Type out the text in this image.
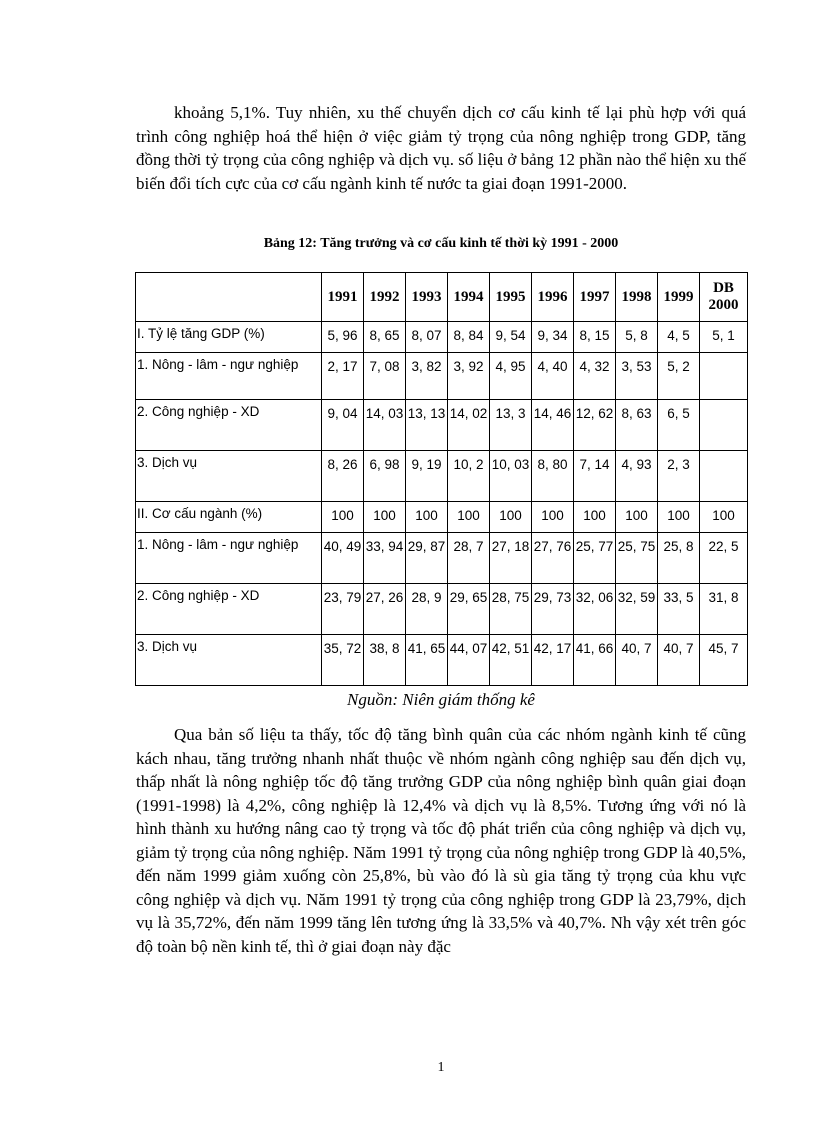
khoảng 5,1%. Tuy nhiên, xu thế chuyển dịch cơ cấu kinh tế lại phù hợp với quá trình công nghiệp hoá thể hiện ở việc giảm tỷ trọng của nông nghiệp trong GDP, tăng đồng thời tỷ trọng của công nghiệp và dịch vụ. số liệu ở bảng 12 phần nào thể hiện xu thế biến đổi tích cực của cơ cấu ngành kinh tế nước ta giai đoạn 1991-2000.

Bảng 12: Tăng trưởng và cơ cấu kinh tế thời kỳ 1991 - 2000

	1991	1992	1993	1994	1995	1996	1997	1998	1999	DB 2000
I. Tỷ lệ tăng GDP (%)	5, 96	8, 65	8, 07	8, 84	9, 54	9, 34	8, 15	5, 8	4, 5	5, 1
1. Nông - lâm - ngư nghiệp	2, 17	7, 08	3, 82	3, 92	4, 95	4, 40	4, 32	3, 53	5, 2	
2. Công nghiệp - XD	9, 04	14, 03	13, 13	14, 02	13, 3	14, 46	12, 62	8, 63	6, 5	
3. Dịch vụ	8, 26	6, 98	9, 19	10, 2	10, 03	8, 80	7, 14	4, 93	2, 3	
II. Cơ cấu ngành (%)	100	100	100	100	100	100	100	100	100	100
1. Nông - lâm - ngư nghiệp	40, 49	33, 94	29, 87	28, 7	27, 18	27, 76	25, 77	25, 75	25, 8	22, 5
2. Công nghiệp - XD	23, 79	27, 26	28, 9	29, 65	28, 75	29, 73	32, 06	32, 59	33, 5	31, 8
3. Dịch vụ	35, 72	38, 8	41, 65	44, 07	42, 51	42, 17	41, 66	40, 7	40, 7	45, 7

Nguồn: Niên giám thống kê

Qua bản số liệu ta thấy, tốc độ tăng bình quân của các nhóm ngành kinh tế cũng kách nhau, tăng trưởng nhanh nhất thuộc về nhóm ngành công nghiệp sau đến dịch vụ, thấp nhất là nông nghiệp tốc độ tăng trưởng GDP của nông nghiệp bình quân giai đoạn (1991-1998) là 4,2%, công nghiệp là 12,4% và dịch vụ là 8,5%. Tương ứng với nó là hình thành xu hướng nâng cao tỷ trọng và tốc độ phát triển của công nghiệp và dịch vụ, giảm tỷ trọng của nông nghiệp. Năm 1991 tỷ trọng của nông nghiệp trong GDP là 40,5%, đến năm 1999 giảm xuống còn 25,8%, bù vào đó là sù gia tăng tỷ trọng của khu vực công nghiệp và dịch vụ. Năm 1991 tỷ trọng của công nghiệp trong GDP là 23,79%, dịch vụ là 35,72%, đến năm 1999 tăng lên tương ứng là 33,5% và 40,7%. Nh vậy xét trên góc độ toàn bộ nền kinh tế, thì ở giai đoạn này đặc

1
